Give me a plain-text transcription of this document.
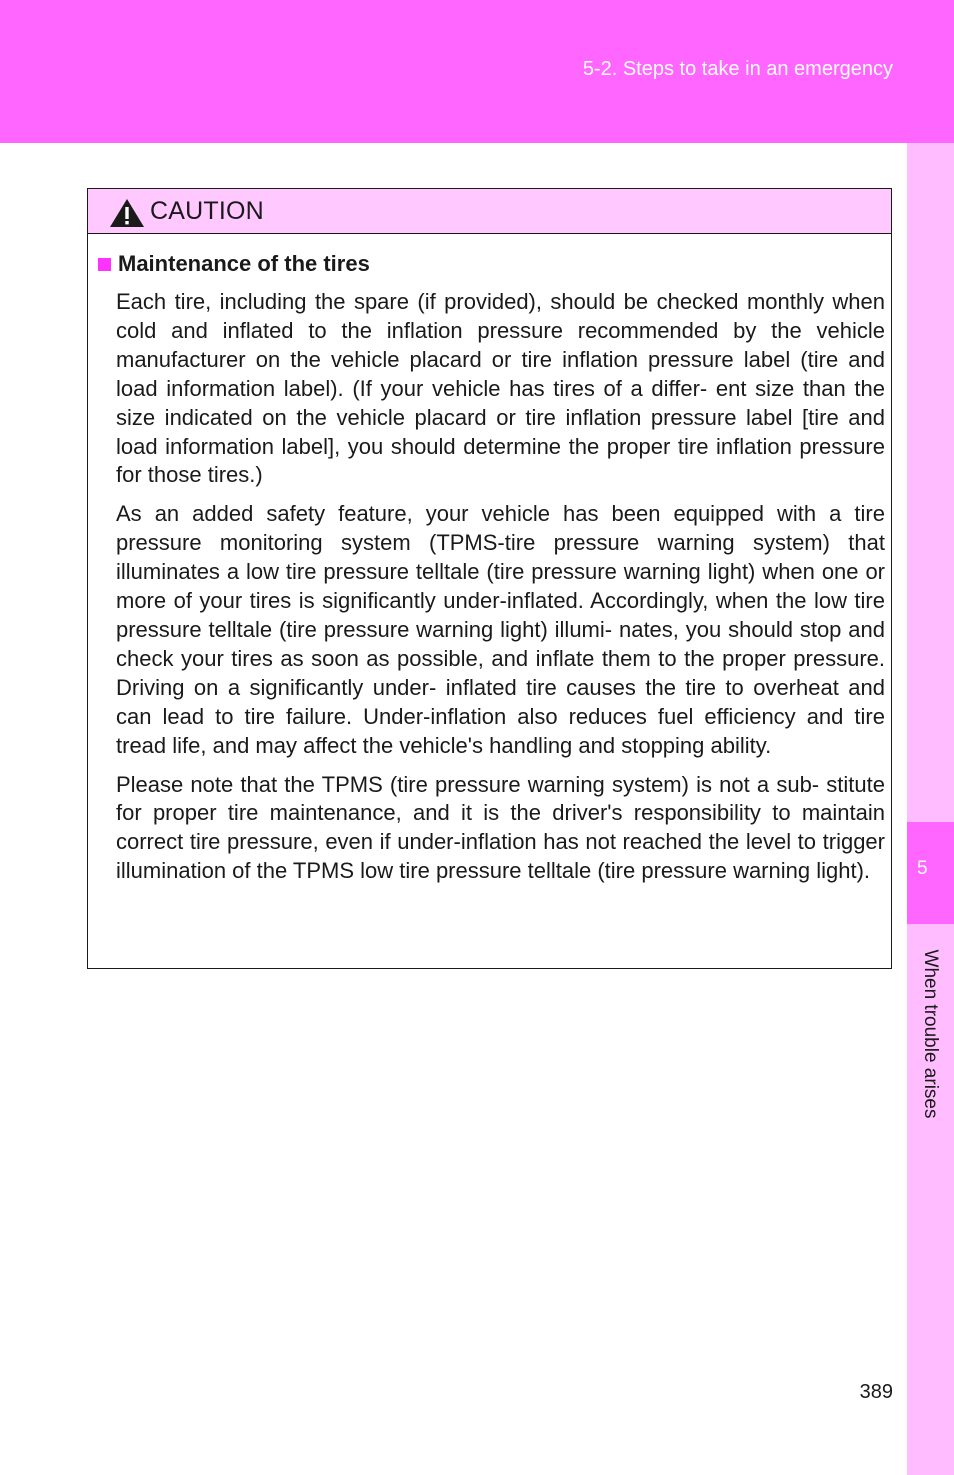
5-2. Steps to take in an emergency
5
When trouble arises
CAUTION
Maintenance of the tires

Each tire, including the spare (if provided), should be checked monthly when cold and inflated to the inflation pressure recommended by the vehicle manufacturer on the vehicle placard or tire inflation pressure label (tire and load information label). (If your vehicle has tires of a differ- ent size than the size indicated on the vehicle placard or tire inflation pressure label [tire and load information label], you should determine the proper tire inflation pressure for those tires.)

As an added safety feature, your vehicle has been equipped with a tire pressure monitoring system (TPMS-tire pressure warning system) that illuminates a low tire pressure telltale (tire pressure warning light) when one or more of your tires is significantly under-inflated. Accordingly, when the low tire pressure telltale (tire pressure warning light) illumi- nates, you should stop and check your tires as soon as possible, and inflate them to the proper pressure. Driving on a significantly under- inflated tire causes the tire to overheat and can lead to tire failure. Under-inflation also reduces fuel efficiency and tire tread life, and may affect the vehicle's handling and stopping ability.

Please note that the TPMS (tire pressure warning system) is not a sub- stitute for proper tire maintenance, and it is the driver's responsibility to maintain correct tire pressure, even if under-inflation has not reached the level to trigger illumination of the TPMS low tire pressure telltale (tire pressure warning light).

389
